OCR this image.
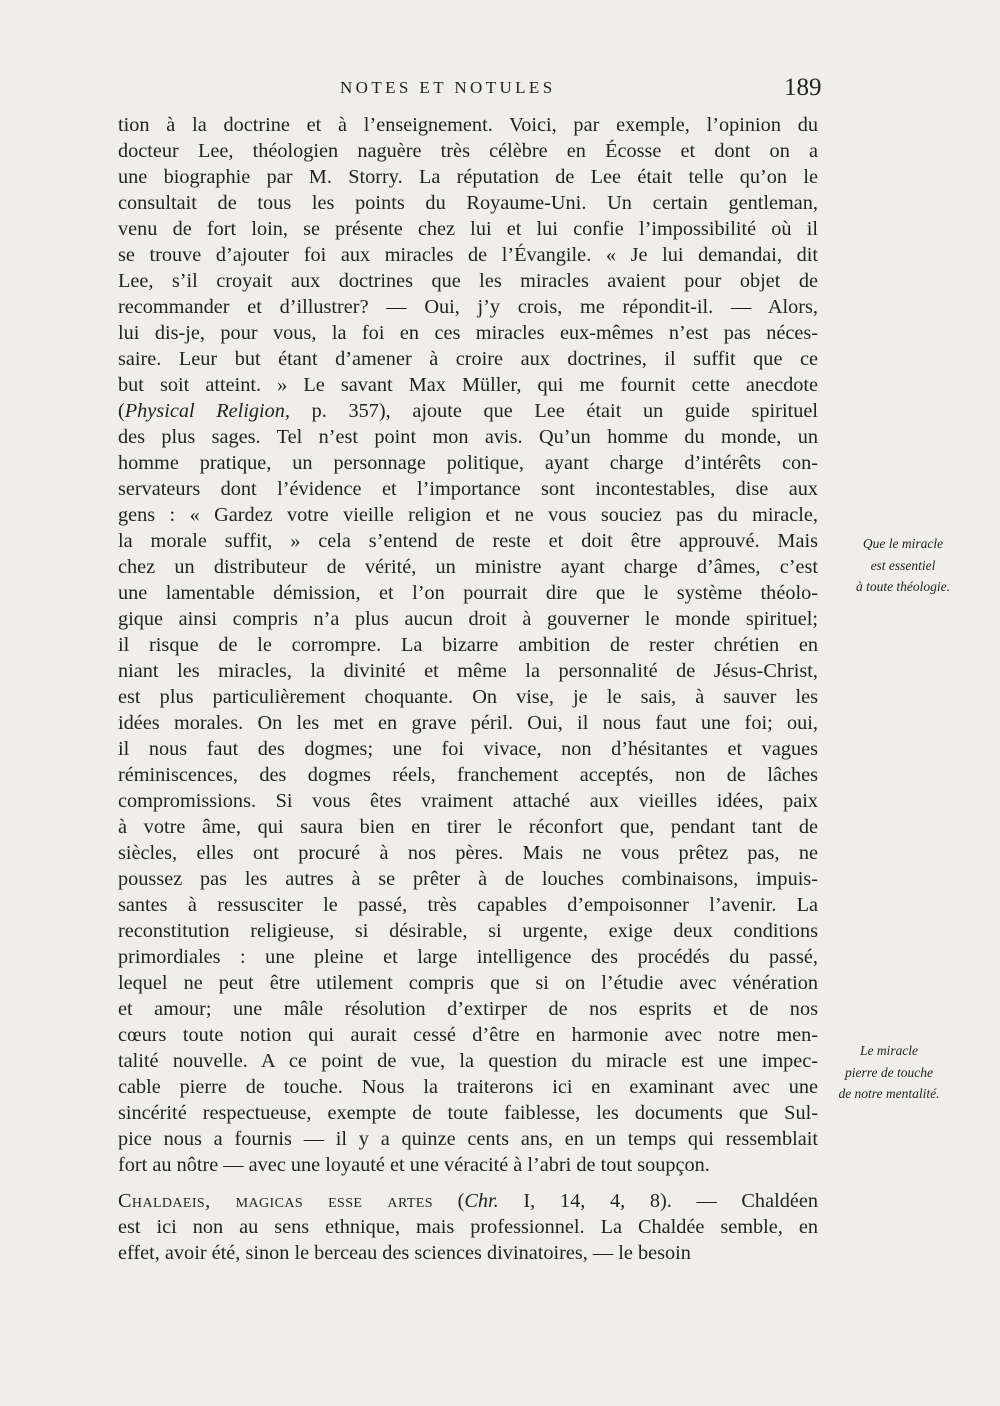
NOTES ET NOTULES	189
tion à la doctrine et à l’enseignement. Voici, par exemple, l’opinion du
docteur Lee, théologien naguère très célèbre en Écosse et dont on a
une biographie par M. Storry. La réputation de Lee était telle qu’on le
consultait de tous les points du Royaume-Uni. Un certain gentleman,
venu de fort loin, se présente chez lui et lui confie l’impossibilité où il
se trouve d’ajouter foi aux miracles de l’Évangile. « Je lui demandai, dit
Lee, s’il croyait aux doctrines que les miracles avaient pour objet de
recommander et d’illustrer? — Oui, j’y crois, me répondit-il. — Alors,
lui dis-je, pour vous, la foi en ces miracles eux-mêmes n’est pas néces-
saire. Leur but étant d’amener à croire aux doctrines, il suffit que ce
but soit atteint. » Le savant Max Müller, qui me fournit cette anecdote
(Physical Religion, p. 357), ajoute que Lee était un guide spirituel
des plus sages. Tel n’est point mon avis. Qu’un homme du monde, un
homme pratique, un personnage politique, ayant charge d’intérêts con-
servateurs dont l’évidence et l’importance sont incontestables, dise aux
gens : « Gardez votre vieille religion et ne vous souciez pas du miracle,
la morale suffit, » cela s’entend de reste et doit être approuvé. Mais
chez un distributeur de vérité, un ministre ayant charge d’âmes, c’est
une lamentable démission, et l’on pourrait dire que le système théolo-
gique ainsi compris n’a plus aucun droit à gouverner le monde spirituel;
il risque de le corrompre. La bizarre ambition de rester chrétien en
niant les miracles, la divinité et même la personnalité de Jésus-Christ,
est plus particulièrement choquante. On vise, je le sais, à sauver les
idées morales. On les met en grave péril. Oui, il nous faut une foi; oui,
il nous faut des dogmes; une foi vivace, non d’hésitantes et vagues
réminiscences, des dogmes réels, franchement acceptés, non de lâches
compromissions. Si vous êtes vraiment attaché aux vieilles idées, paix
à votre âme, qui saura bien en tirer le réconfort que, pendant tant de
siècles, elles ont procuré à nos pères. Mais ne vous prêtez pas, ne
poussez pas les autres à se prêter à de louches combinaisons, impuis-
santes à ressusciter le passé, très capables d’empoisonner l’avenir. La
reconstitution religieuse, si désirable, si urgente, exige deux conditions
primordiales : une pleine et large intelligence des procédés du passé,
lequel ne peut être utilement compris que si on l’étudie avec vénération
et amour; une mâle résolution d’extirper de nos esprits et de nos
cœurs toute notion qui aurait cessé d’être en harmonie avec notre men-
talité nouvelle. A ce point de vue, la question du miracle est une impec-
cable pierre de touche. Nous la traiterons ici en examinant avec une
sincérité respectueuse, exempte de toute faiblesse, les documents que Sul-
pice nous a fournis — il y a quinze cents ans, en un temps qui ressemblait
fort au nôtre — avec une loyauté et une véracité à l’abri de tout soupçon.
Chaldaeis, magicas esse artes (Chr. I, 14, 4, 8). — Chaldéen
est ici non au sens ethnique, mais professionnel. La Chaldée semble, en
effet, avoir été, sinon le berceau des sciences divinatoires, — le besoin
Que le miracle
est essentiel
à toute théologie.
Le miracle
pierre de touche
de notre mentalité.
